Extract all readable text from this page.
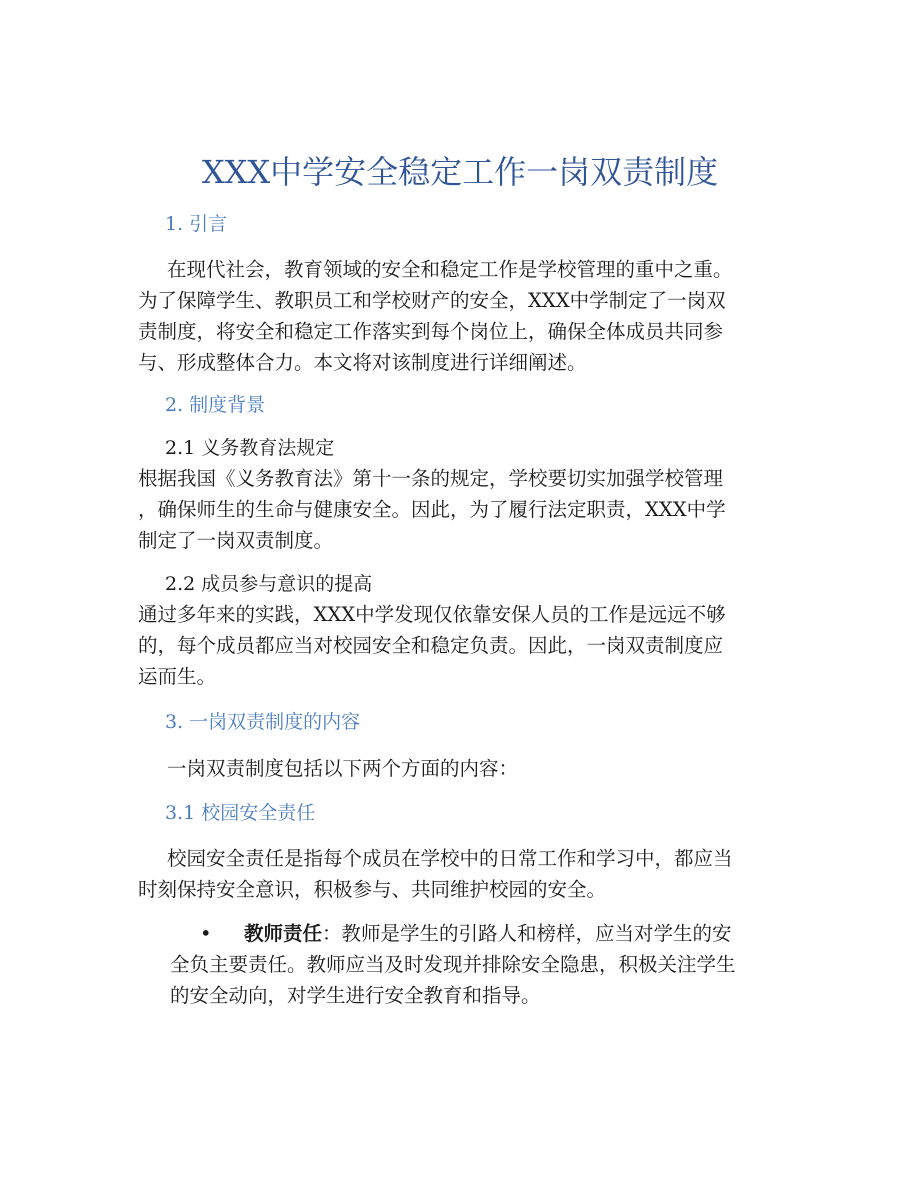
XXX中学安全稳定工作一岗双责制度
1. 引言
在现代社会，教育领域的安全和稳定工作是学校管理的重中之重。
为了保障学生、教职员工和学校财产的安全，XXX中学制定了一岗双
责制度，将安全和稳定工作落实到每个岗位上，确保全体成员共同参
与、形成整体合力。本文将对该制度进行详细阐述。
2. 制度背景
2.1 义务教育法规定
根据我国《义务教育法》第十一条的规定，学校要切实加强学校管理
，确保师生的生命与健康安全。因此，为了履行法定职责，XXX中学
制定了一岗双责制度。
2.2 成员参与意识的提高
通过多年来的实践，XXX中学发现仅依靠安保人员的工作是远远不够
的，每个成员都应当对校园安全和稳定负责。因此，一岗双责制度应
运而生。
3. 一岗双责制度的内容
一岗双责制度包括以下两个方面的内容：
3.1 校园安全责任
校园安全责任是指每个成员在学校中的日常工作和学习中，都应当
时刻保持安全意识，积极参与、共同维护校园的安全。
•	教师责任：教师是学生的引路人和榜样，应当对学生的安
全负主要责任。教师应当及时发现并排除安全隐患，积极关注学生
的安全动向，对学生进行安全教育和指导。
